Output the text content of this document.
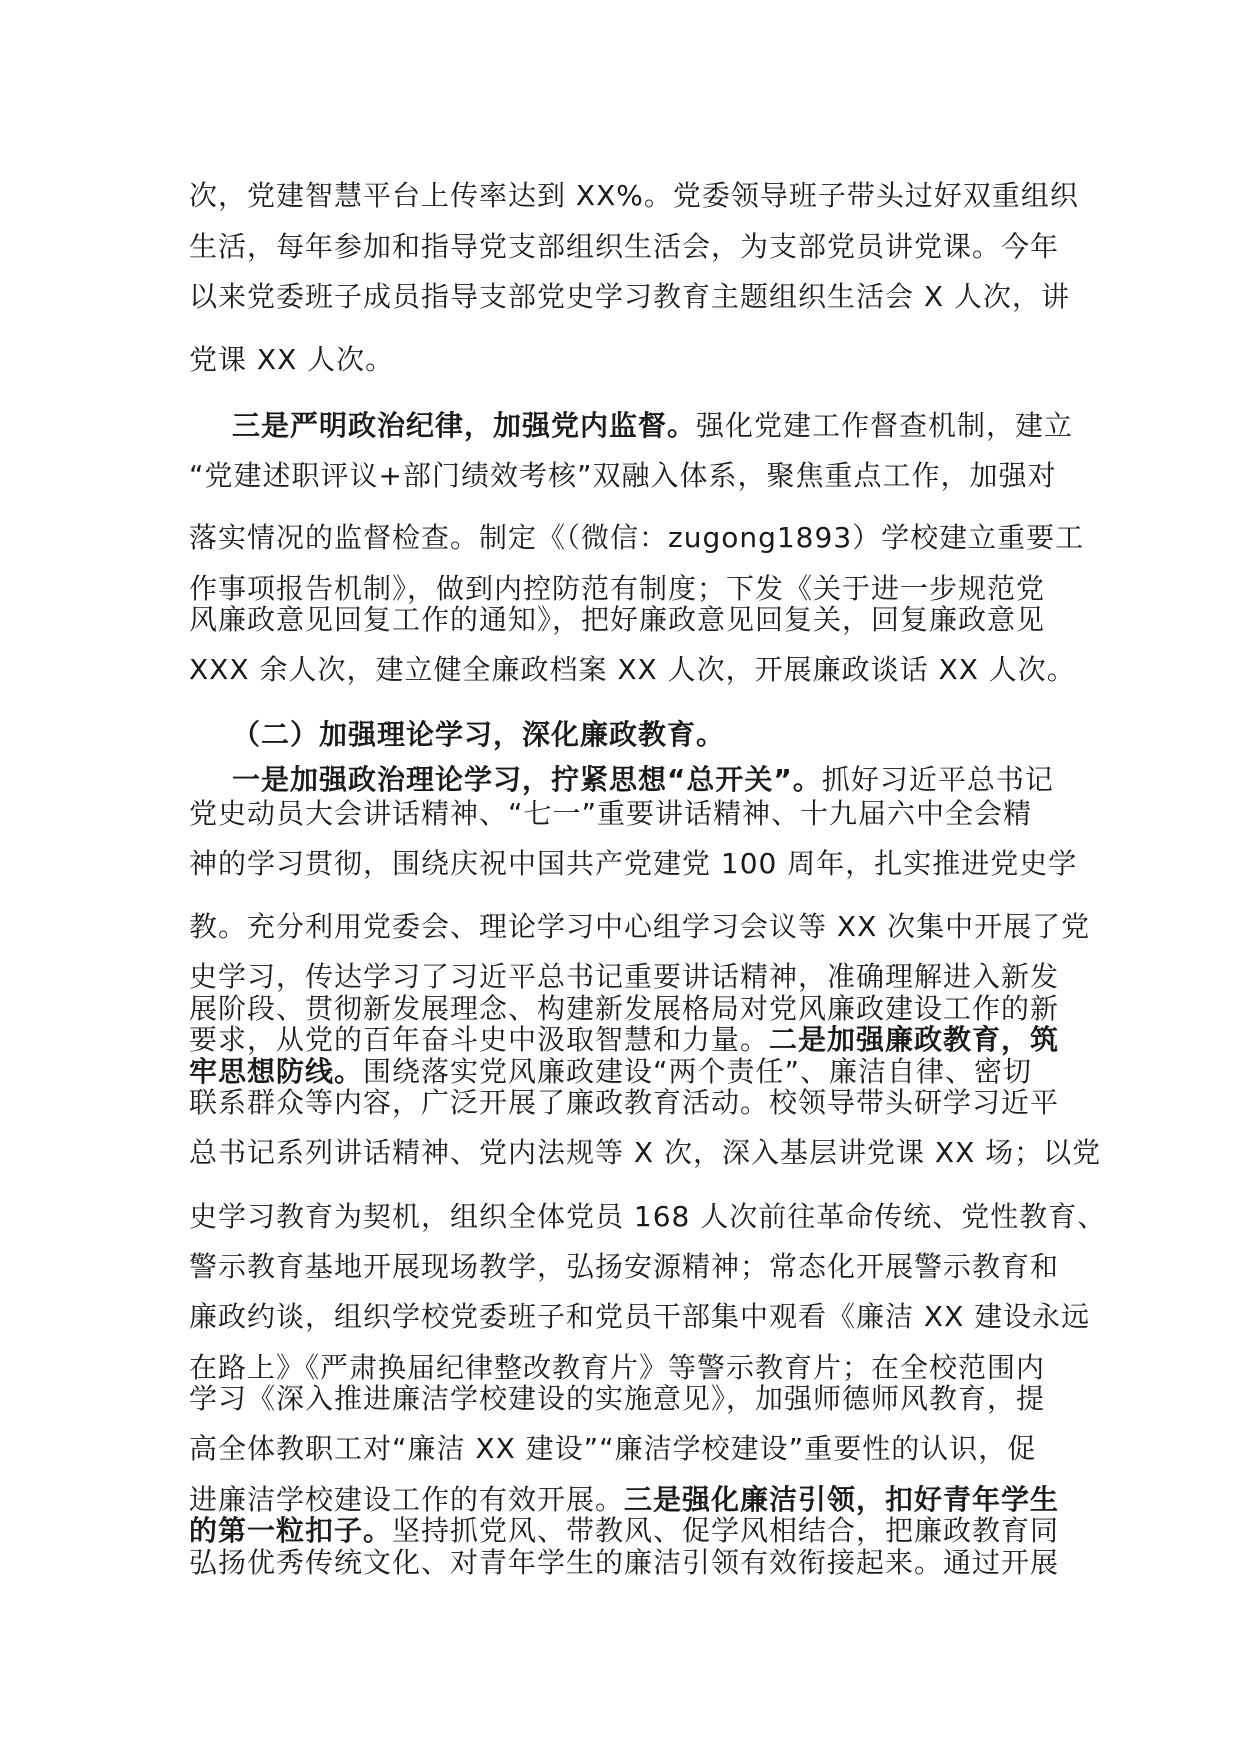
次，党建智慧平台上传率达到 XX%。党委领导班子带头过好双重组织
生活，每年参加和指导党支部组织生活会，为支部党员讲党课。今年
以来党委班子成员指导支部党史学习教育主题组织生活会 X 人次，讲
党课 XX 人次。
三是严明政治纪律，加强党内监督。强化党建工作督查机制，建立
“党建述职评议+部门绩效考核”双融入体系，聚焦重点工作，加强对
落实情况的监督检查。制定《（微信：zugong1893）学校建立重要工
作事项报告机制》，做到内控防范有制度；下发《关于进一步规范党
风廉政意见回复工作的通知》，把好廉政意见回复关，回复廉政意见
XXX 余人次，建立健全廉政档案 XX 人次，开展廉政谈话 XX 人次。
（二）加强理论学习，深化廉政教育。
一是加强政治理论学习，拧紧思想“总开关”。抓好习近平总书记
党史动员大会讲话精神、“七一”重要讲话精神、十九届六中全会精
神的学习贯彻，围绕庆祝中国共产党建党 100 周年，扎实推进党史学
教。充分利用党委会、理论学习中心组学习会议等 XX 次集中开展了党
史学习，传达学习了习近平总书记重要讲话精神，准确理解进入新发
展阶段、贯彻新发展理念、构建新发展格局对党风廉政建设工作的新
要求，从党的百年奋斗史中汲取智慧和力量。二是加强廉政教育，筑
牢思想防线。围绕落实党风廉政建设“两个责任”、廉洁自律、密切
联系群众等内容，广泛开展了廉政教育活动。校领导带头研学习近平
总书记系列讲话精神、党内法规等 X 次，深入基层讲党课 XX 场；以党
史学习教育为契机，组织全体党员 168 人次前往革命传统、党性教育、
警示教育基地开展现场教学，弘扬安源精神；常态化开展警示教育和
廉政约谈，组织学校党委班子和党员干部集中观看《廉洁 XX 建设永远
在路上》《严肃换届纪律整改教育片》等警示教育片；在全校范围内
学习《深入推进廉洁学校建设的实施意见》，加强师德师风教育，提
高全体教职工对“廉洁 XX 建设”“廉洁学校建设”重要性的认识，促
进廉洁学校建设工作的有效开展。三是强化廉洁引领，扣好青年学生
的第一粒扣子。坚持抓党风、带教风、促学风相结合，把廉政教育同
弘扬优秀传统文化、对青年学生的廉洁引领有效衔接起来。通过开展
